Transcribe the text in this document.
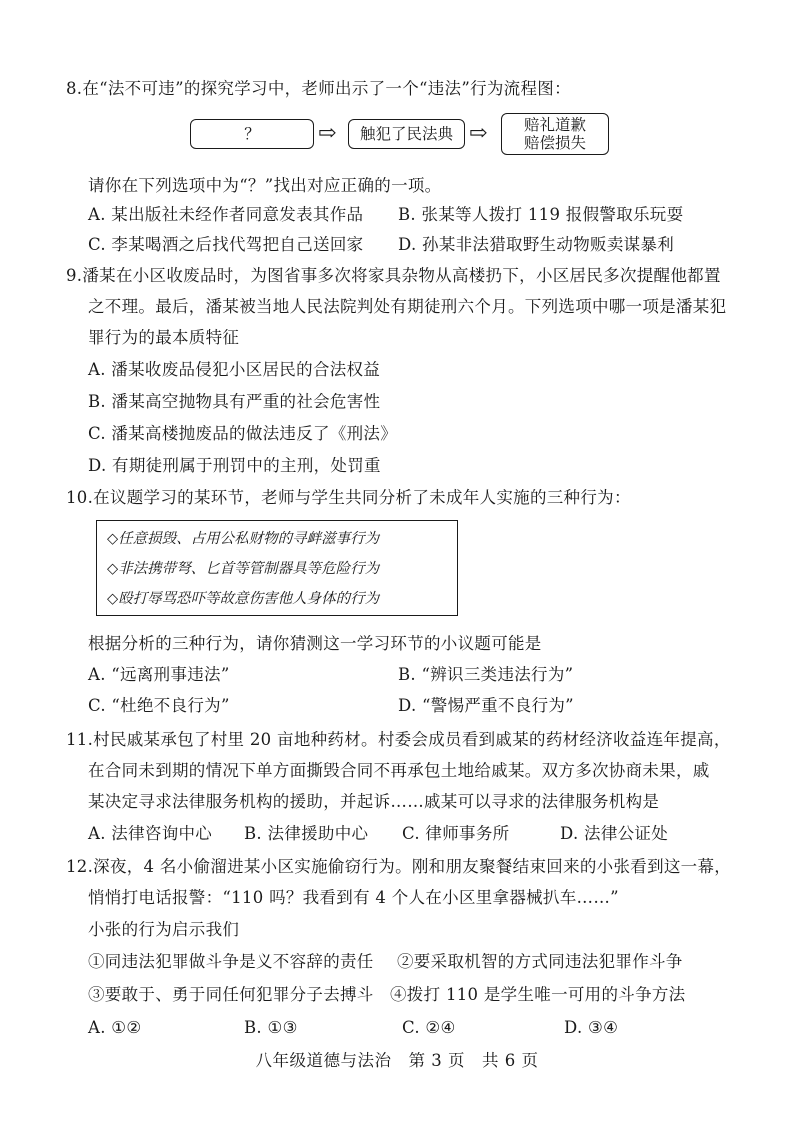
8.在“法不可违”的探究学习中，老师出示了一个“违法”行为流程图：
？	⇨ 触犯了民法典 ⇨ 赔礼道歉
赔偿损失
请你在下列选项中为“？”找出对应正确的一项。
A. 某出版社未经作者同意发表其作品 B. 张某等人拨打 119 报假警取乐玩耍
C. 李某喝酒之后找代驾把自己送回家 D. 孙某非法猎取野生动物贩卖谋暴利
9.潘某在小区收废品时，为图省事多次将家具杂物从高楼扔下，小区居民多次提醒他都置
之不理。最后，潘某被当地人民法院判处有期徒刑六个月。下列选项中哪一项是潘某犯
罪行为的最本质特征
A. 潘某收废品侵犯小区居民的合法权益
B. 潘某高空抛物具有严重的社会危害性
C. 潘某高楼抛废品的做法违反了《刑法》
D. 有期徒刑属于刑罚中的主刑，处罚重
10.在议题学习的某环节，老师与学生共同分析了未成年人实施的三种行为：
◇任意损毁、占用公私财物的寻衅滋事行为
◇非法携带弩、匕首等管制器具等危险行为
◇殴打辱骂恐吓等故意伤害他人身体的行为
根据分析的三种行为，请你猜测这一学习环节的小议题可能是
A. “远离刑事违法”	B. “辨识三类违法行为”
C. “杜绝不良行为”	D. “警惕严重不良行为”
11.村民戚某承包了村里 20 亩地种药材。村委会成员看到戚某的药材经济收益连年提高，
在合同未到期的情况下单方面撕毁合同不再承包土地给戚某。双方多次协商未果，戚
某决定寻求法律服务机构的援助，并起诉……戚某可以寻求的法律服务机构是
A. 法律咨询中心 B. 法律援助中心 C. 律师事务所	D. 法律公证处
12.深夜，4 名小偷溜进某小区实施偷窃行为。刚和朋友聚餐结束回来的小张看到这一幕，
悄悄打电话报警：“110 吗？我看到有 4 个人在小区里拿器械扒车……”
小张的行为启示我们
①同违法犯罪做斗争是义不容辞的责任 ②要采取机智的方式同违法犯罪作斗争
③要敢于、勇于同任何犯罪分子去搏斗 ④拨打 110 是学生唯一可用的斗争方法
A. ①②	B. ①③	C. ②④	D. ③④
八年级道德与法治　第 3 页　共 6 页
